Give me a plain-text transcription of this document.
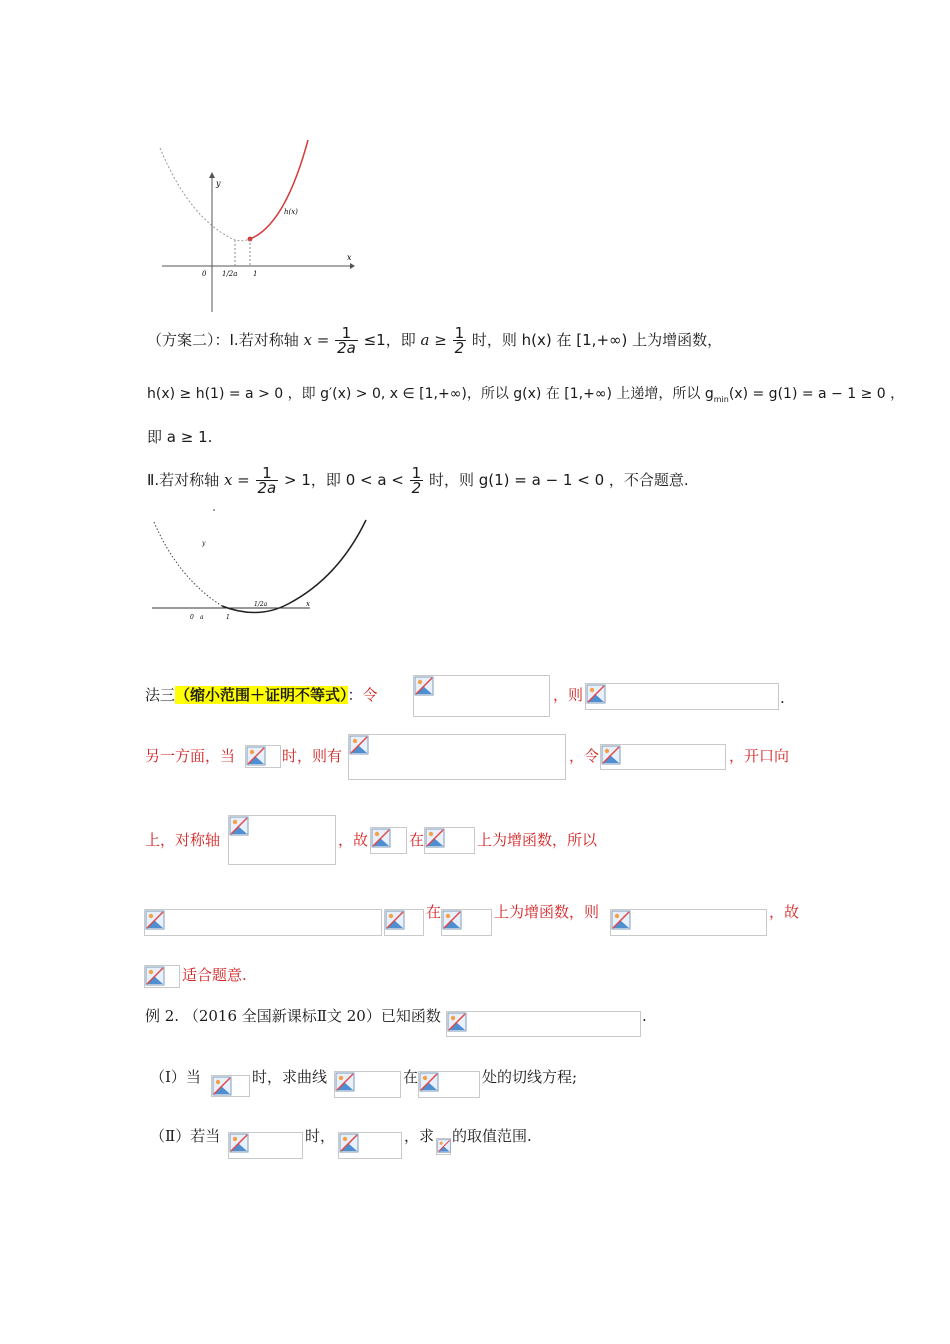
y
x
0 1/2a 1
h(x)
（方案二）：Ⅰ.若对称轴 $x = \frac{1}{2a} \le 1$，即 $a \ge \frac{1}{2}$ 时，则 h(x) 在 [1,+∞) 上为增函数，
h(x) ≥ h(1) = a > 0 ，即 g′(x) > 0, x ∈ [1,+∞)，所以 g(x) 在 [1,+∞) 上递增，所以 $g_{min}(x) = g(1) = a - 1 \ge 0$ ，
即 a ≥ 1.
Ⅱ.若对称轴 $x = \frac{1}{2a} > 1$，即 $0 < a < \frac{1}{2}$ 时，则 g(1) = a − 1 < 0 ，不合题意.
y
x
0 a	1
1/2a
法三（缩小范围＋证明不等式）：令	，则	.
另一方面，当	时，则有	，令	，开口向
上，对称轴	，故	在	上为增函数，所以
在	上为增函数，则	，故
适合题意.
例 2. （2016 全国新课标Ⅱ文 20）已知函数	.
（Ⅰ）当	时，求曲线	在	处的切线方程;
（Ⅱ）若当	时，	，求 的取值范围.
